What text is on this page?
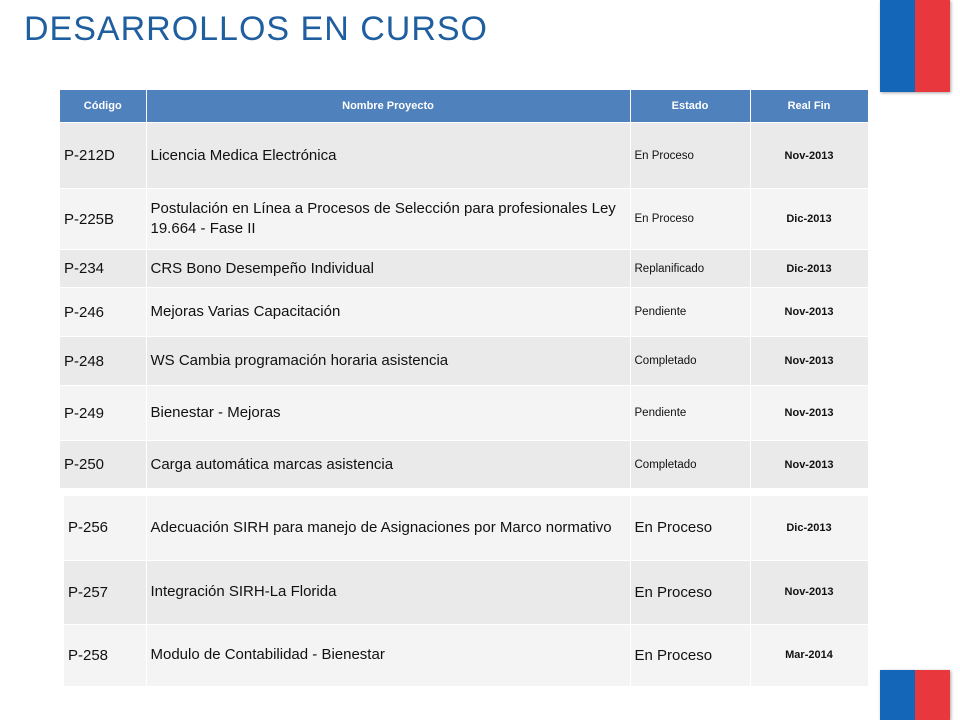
DESARROLLOS EN CURSO
Código	Nombre Proyecto	Estado	Real Fin
P-212D	Licencia Medica Electrónica	En Proceso	Nov-2013
P-225B	Postulación en Línea a Procesos de Selección para profesionales Ley 19.664 - Fase II	En Proceso	Dic-2013
P-234	CRS Bono Desempeño Individual	Replanificado	Dic-2013
P-246	Mejoras Varias Capacitación	Pendiente	Nov-2013
P-248	WS Cambia programación horaria asistencia	Completado	Nov-2013
P-249	Bienestar - Mejoras	Pendiente	Nov-2013
P-250	Carga automática marcas asistencia	Completado	Nov-2013
P-256	Adecuación SIRH para manejo de Asignaciones por Marco normativo	En Proceso	Dic-2013
P-257	Integración SIRH-La Florida	En Proceso	Nov-2013
P-258	Modulo de Contabilidad - Bienestar	En Proceso	Mar-2014
